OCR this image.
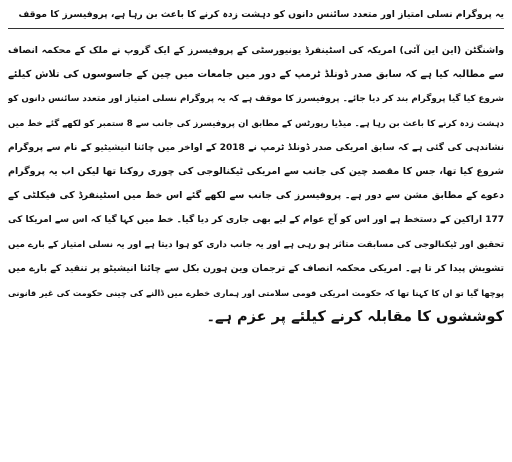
یہ پروگرام نسلی امتیاز اور متعدد سائنس دانوں کو دہشت زدہ کرنے کا باعث بن رہا ہے، پروفیسرز کا موقف
واشنگٹن (این این آئی) امریکہ کی اسٹینفرڈ یونیورسٹی کے پروفیسرز کے ایک گروپ نے ملک کے محکمہ انصاف
سے مطالبہ کیا ہے کہ سابق صدر ڈونلڈ ٹرمپ کے دور میں جامعات میں چین کے جاسوسوں کی تلاش کیلئے
شروع کیا گیا پروگرام بند کر دیا جائے۔ پروفیسرز کا موقف ہے کہ یہ پروگرام نسلی امتیاز اور متعدد سائنس دانوں کو
دہشت زدہ کرنے کا باعث بن رہا ہے۔ میڈیا رپورٹس کے مطابق ان پروفیسرز کی جانب سے 8 ستمبر کو لکھے گئے خط میں
نشاندہی کی گئی ہے کہ سابق امریکی صدر ڈونلڈ ٹرمپ نے 2018 کے اواخر میں چائنا انیشیٹیو کے نام سے پروگرام
شروع کیا تھا، جس کا مقصد چین کی جانب سے امریکی ٹیکنالوجی کی چوری روکنا تھا لیکن اب یہ پروگرام
دعوے کے مطابق مشن سے دور ہے۔ پروفیسرز کی جانب سے لکھے گئے اس خط میں اسٹینفرڈ کی فیکلٹی کے
177 اراکین کے دستخط ہے اور اس کو آج عوام کے لیے بھی جاری کر دیا گیا۔ خط میں کہا گیا کہ اس سے امریکا کی
تحقیق اور ٹیکنالوجی کی مسابقت متاثر ہو رہی ہے اور یہ جانب داری کو ہوا دیتا ہے اور یہ نسلی امتیاز کے بارے میں
تشویش پیدا کر تا ہے۔ امریکی محکمہ انصاف کے ترجمان وین ہورن بکل سے چائنا انیشیٹو پر تنقید کے بارے میں
پوچھا گیا تو ان کا کہنا تھا کہ حکومت امریکی قومی سلامتی اور ہماری خطرے میں ڈالنے کی چینی حکومت کی غیر قانونی
کوششوں کا مقابلہ کرنے کیلئے پر عزم ہے۔
